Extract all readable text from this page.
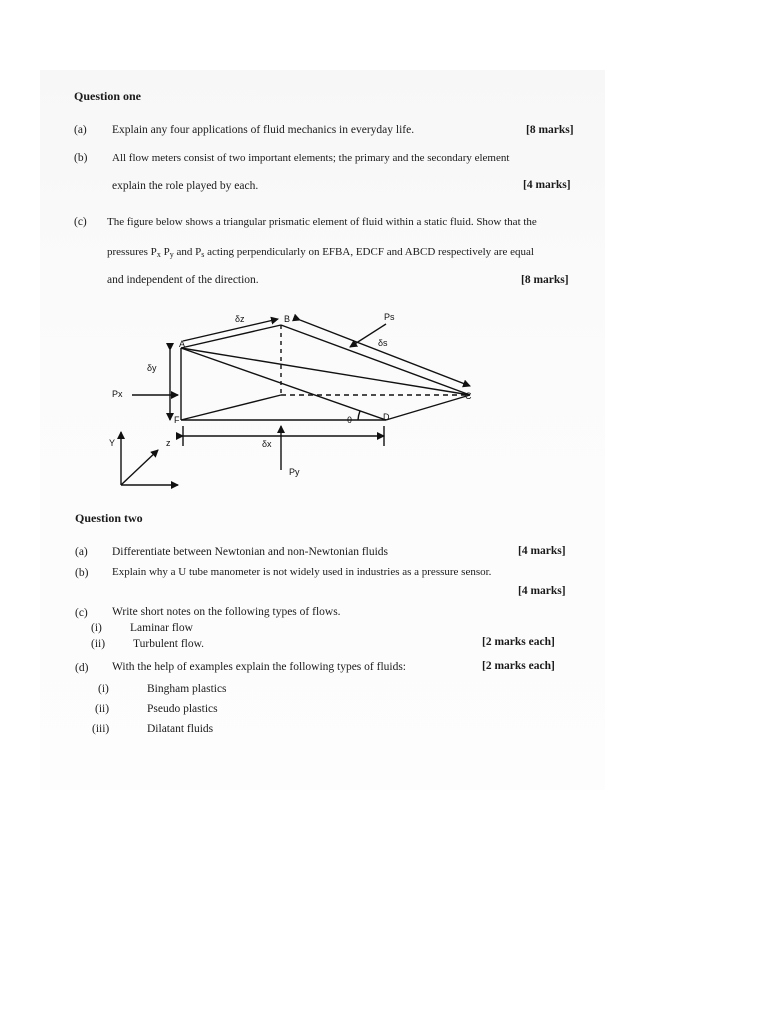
Question one
(a) Explain any four applications of fluid mechanics in everyday life.	[8 marks]
(b) All flow meters consist of two important elements; the primary and the secondary element
explain the role played by each.	[4 marks]
(c) The figure below shows a triangular prismatic element of fluid within a static fluid. Show that the
pressures Px Py and Ps acting perpendicularly on EFBA, EDCF and ABCD respectively are equal
and independent of the direction.	[8 marks]
δz	B	Ps
δs
A
δy
Px
F	θ	D
C
Y	z	δx
Py
Question two
(a) Differentiate between Newtonian and non-Newtonian fluids	[4 marks]
(b) Explain why a U tube manometer is not widely used in industries as a pressure sensor.
[4 marks]
(c) Write short notes on the following types of flows.
(i) Laminar flow
(ii) Turbulent flow.	[2 marks each]
(d) With the help of examples explain the following types of fluids:	[2 marks each]
(i)	Bingham plastics
(ii)	Pseudo plastics
(iii)	Dilatant fluids
